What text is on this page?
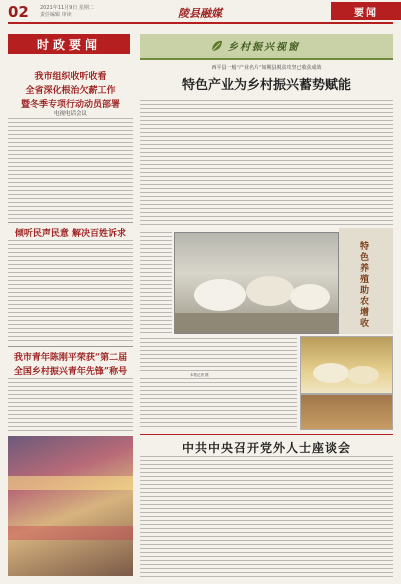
02 2021年11月9日 星期二
责任编辑 审读	陵县融媒	要闻
时政要闻
我市组织收听收看
全省深化根治欠薪工作
暨冬季专项行动动员部署
电视电话会议
倾听民声民意 解决百姓诉求
我市青年陈刚平荣获“第二届
全国乡村振兴青年先锋”称号
乡村振兴视窗
西平县一般“产业名片”如期县脱贫攻坚已收获成效
特色产业为乡村振兴蓄势赋能
特色养殖助农增收
本报记者 摄
中共中央召开党外人士座谈会
